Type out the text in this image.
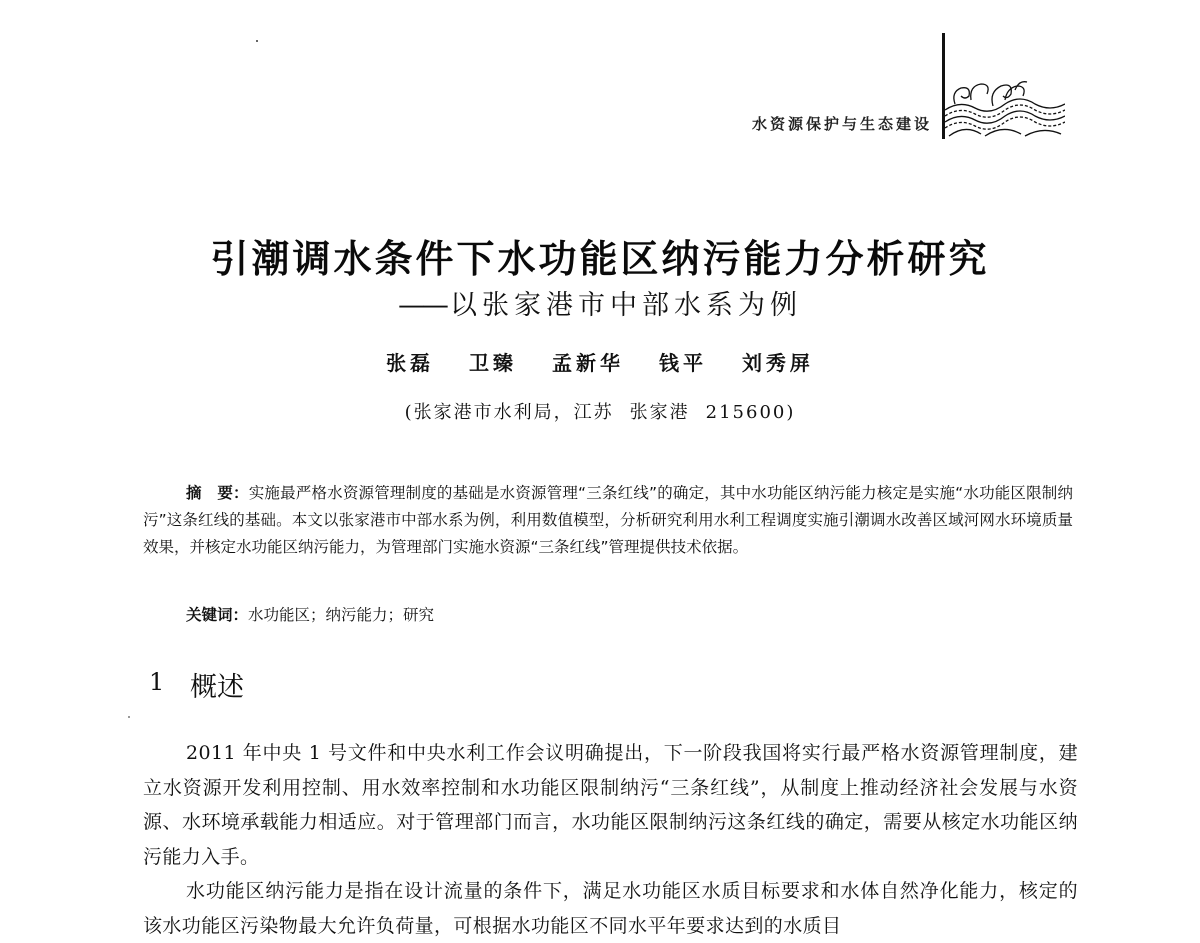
水资源保护与生态建设
引潮调水条件下水功能区纳污能力分析研究
—— 以张家港市中部水系为例
张磊 卫臻 孟新华 钱平 刘秀屏
(张家港市水利局，江苏 张家港 215600)

摘　要：实施最严格水资源管理制度的基础是水资源管理“三条红线”的确定，其中水功能区纳污能力核定是实施“水功能区限制纳污”这条红线的基础。本文以张家港市中部水系为例，利用数值模型，分析研究利用水利工程调度实施引潮调水改善区域河网水环境质量效果，并核定水功能区纳污能力，为管理部门实施水资源“三条红线”管理提供技术依据。

关键词：水功能区；纳污能力；研究
1 概述

2011 年中央 1 号文件和中央水利工作会议明确提出，下一阶段我国将实行最严格水资源管理制度，建立水资源开发利用控制、用水效率控制和水功能区限制纳污“三条红线”，从制度上推动经济社会发展与水资源、水环境承载能力相适应。对于管理部门而言，水功能区限制纳污这条红线的确定，需要从核定水功能区纳污能力入手。

水功能区纳污能力是指在设计流量的条件下，满足水功能区水质目标要求和水体自然净化能力，核定的该水功能区污染物最大允许负荷量，可根据水功能区不同水平年要求达到的水质目
